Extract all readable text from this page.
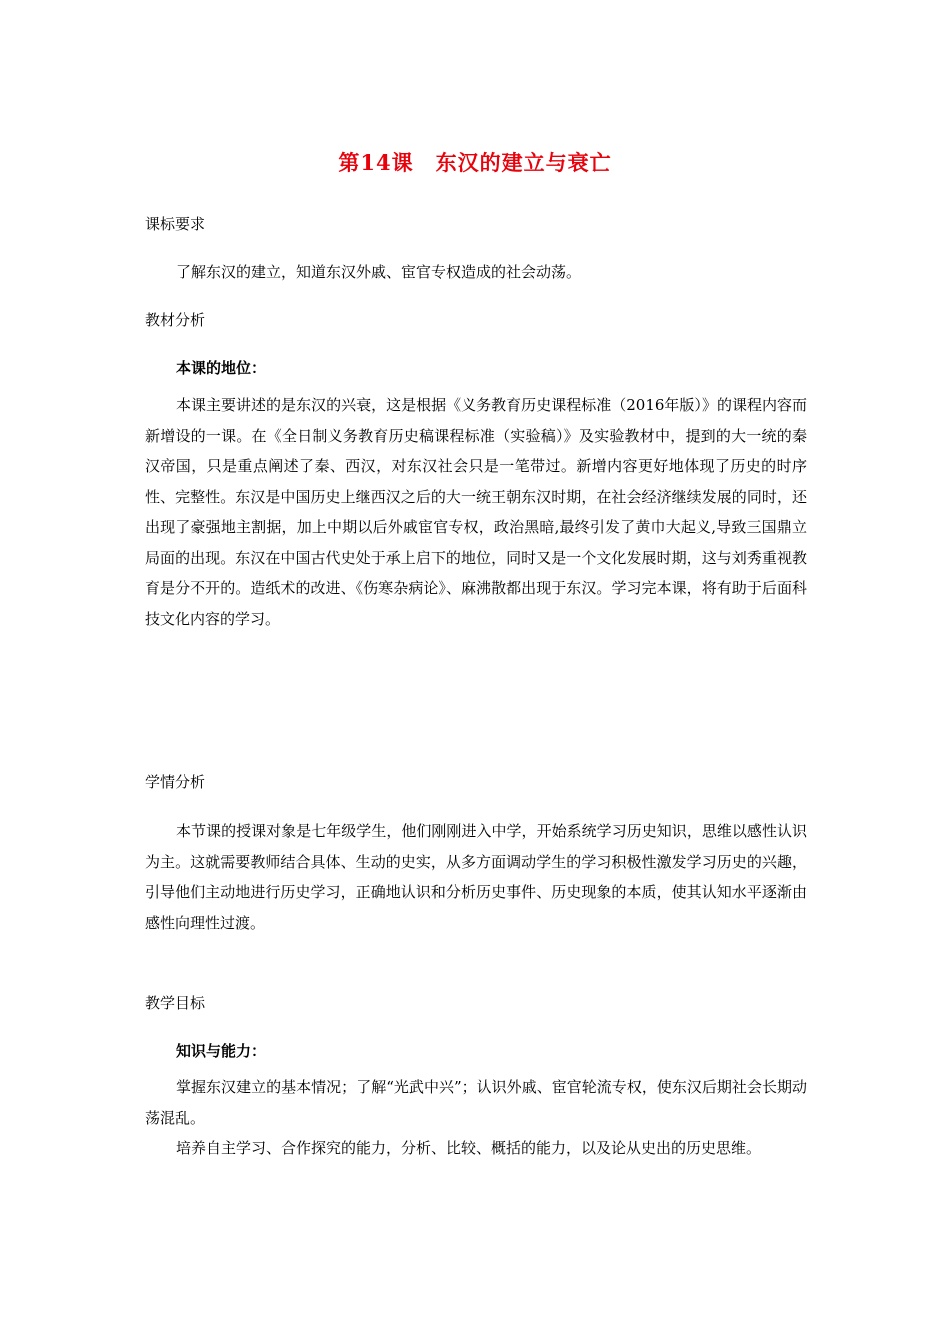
第14课 东汉的建立与衰亡
课标要求

了解东汉的建立，知道东汉外戚、宦官专权造成的社会动荡。

教材分析
本课的地位：

本课主要讲述的是东汉的兴衰，这是根据《义务教育历史课程标准（2016年版）》的课程内容而新增设的一课。在《全日制义务教育历史稿课程标准（实验稿）》及实验教材中，提到的大一统的秦汉帝国，只是重点阐述了秦、西汉，对东汉社会只是一笔带过。新增内容更好地体现了历史的时序性、完整性。东汉是中国历史上继西汉之后的大一统王朝东汉时期，在社会经济继续发展的同时，还出现了豪强地主割据，加上中期以后外戚宦官专权，政治黑暗,最终引发了黄巾大起义,导致三国鼎立局面的出现。东汉在中国古代史处于承上启下的地位，同时又是一个文化发展时期，这与刘秀重视教育是分不开的。造纸术的改进、《伤寒杂病论》、麻沸散都出现于东汉。学习完本课，将有助于后面科技文化内容的学习。

学情分析

本节课的授课对象是七年级学生，他们刚刚进入中学，开始系统学习历史知识，思维以感性认识为主。这就需要教师结合具体、生动的史实，从多方面调动学生的学习积极性激发学习历史的兴趣，引导他们主动地进行历史学习，正确地认识和分析历史事件、历史现象的本质，使其认知水平逐渐由感性向理性过渡。

教学目标
知识与能力：

掌握东汉建立的基本情况；了解“光武中兴”；认识外戚、宦官轮流专权，使东汉后期社会长期动荡混乱。

培养自主学习、合作探究的能力，分析、比较、概括的能力，以及论从史出的历史思维。
